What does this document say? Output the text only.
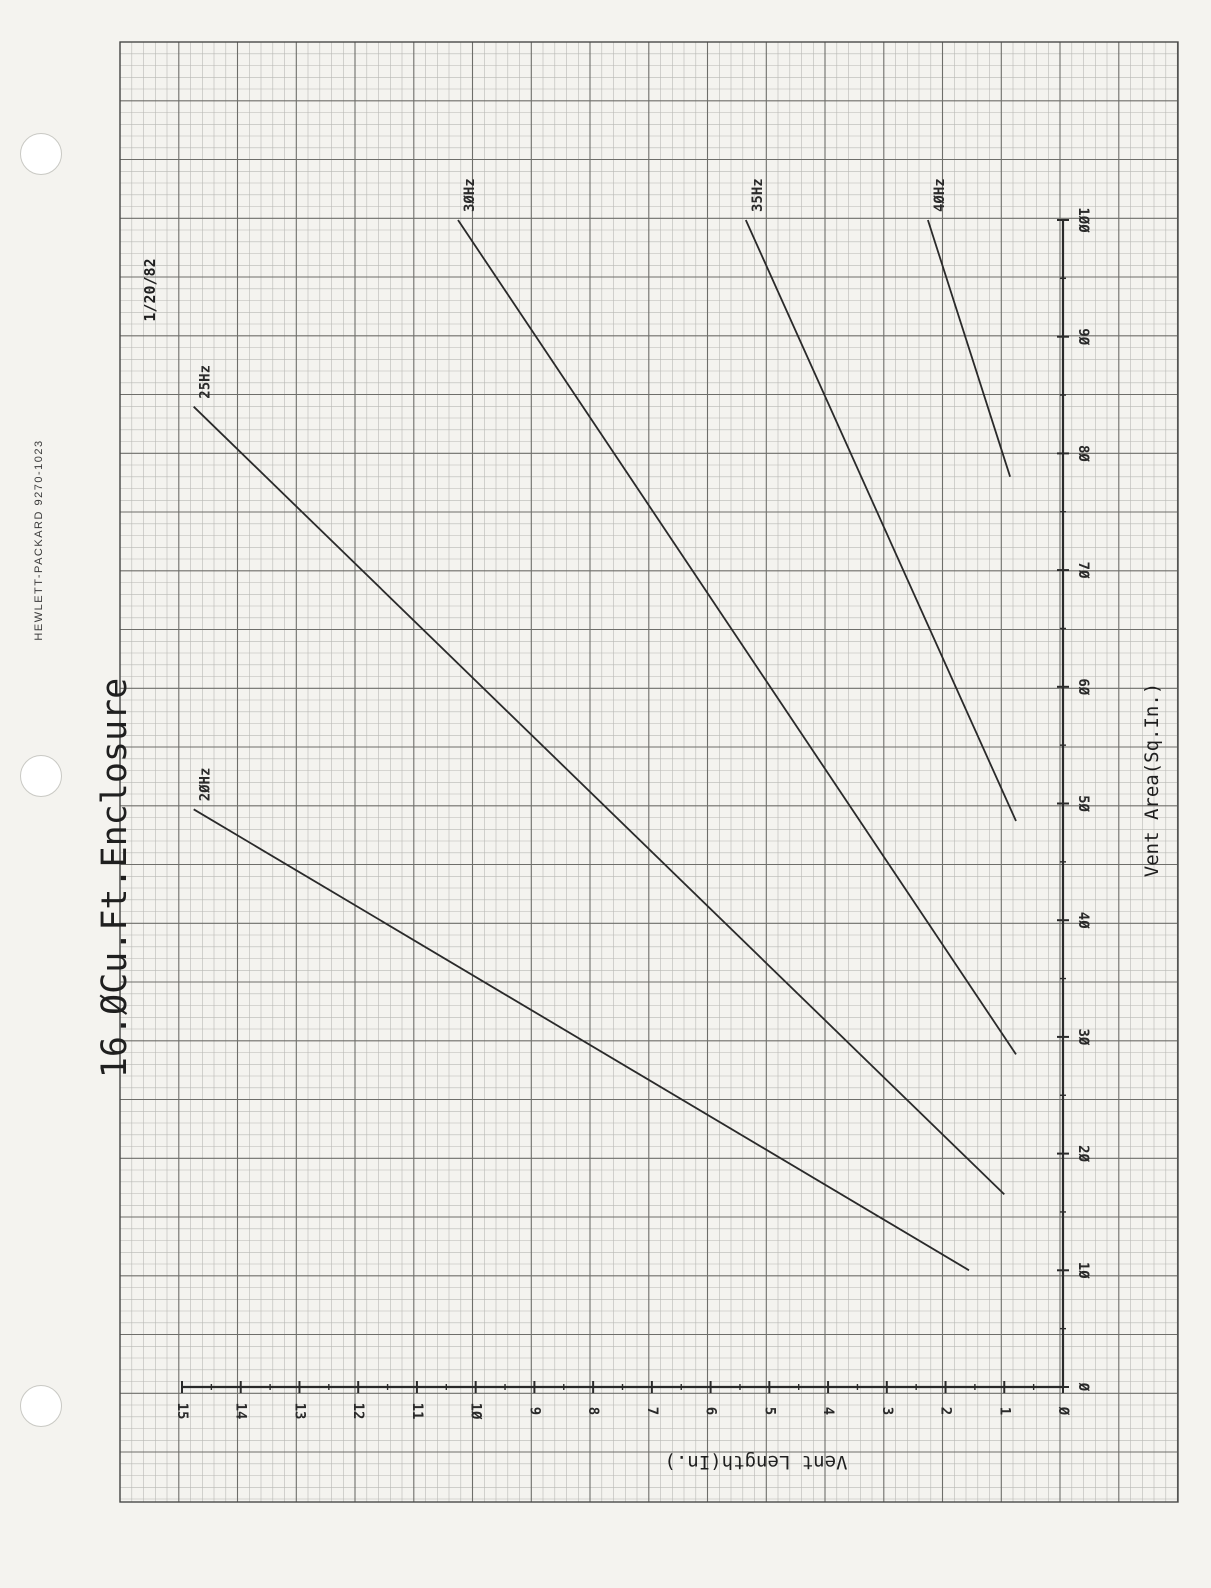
Ø
1
2
3
4
5
6
7
8
9
1Ø
11
12
13
14
15
Ø
1Ø
2Ø
3Ø
4Ø
5Ø
6Ø
7Ø
8Ø
9Ø
1ØØ
2ØHz
25Hz
3ØHz	35Hz	4ØHz
HEWLETT-PACKARD 9270-1023
16.ØCu.Ft.Enclosure
1/20/82
Vent Area(Sq.In.)
Vent Length(In.)
